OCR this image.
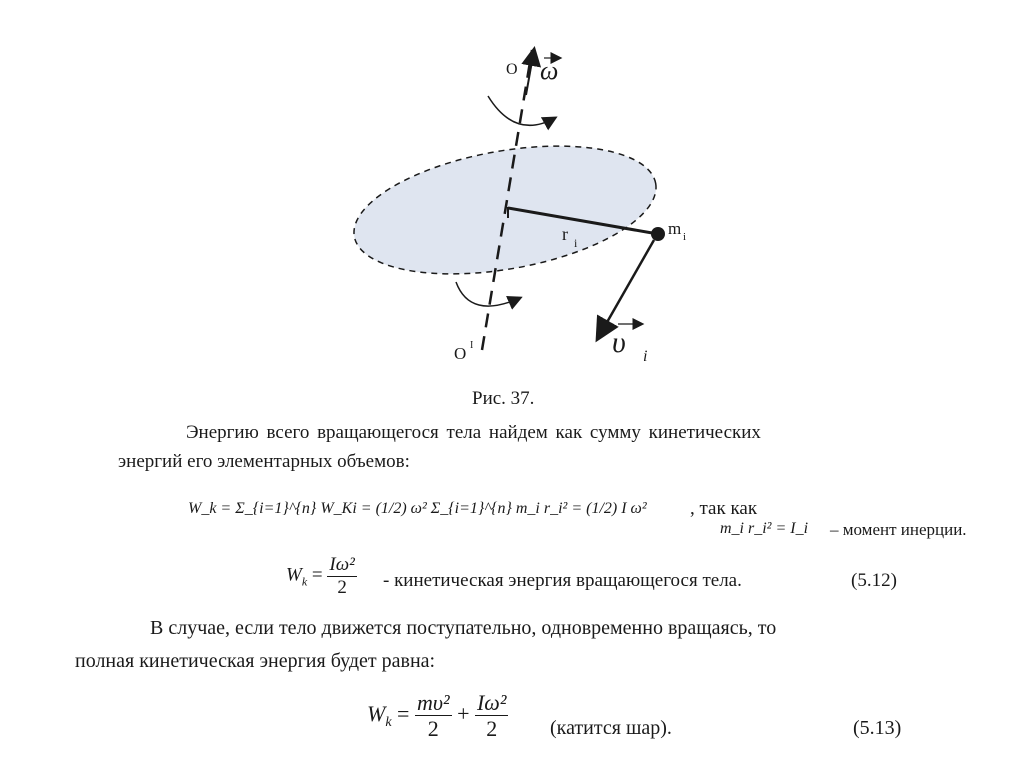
O ω
O I
r i
m i
υ i
Рис. 37.
Энергию всего вращающегося тела найдем как сумму кинетических
энергий его элементарных объемов:
W_k = Σ_{i=1}^{n} W_Ki = (1/2) ω² Σ_{i=1}^{n} m_i r_i² = (1/2) I ω² , так как
m_i r_i² = I_i – момент инерции.
$W_k = \frac{\text{Iω²}}{2}$ - кинетическая энергия вращающегося тела.	(5.12)
В случае, если тело движется поступательно, одновременно вращаясь, то
полная кинетическая энергия будет равна:
$W_k = \frac{\text{mυ²}}{2} + \frac{\text{Iω²}}{2}$ (катится шар).	(5.13)
